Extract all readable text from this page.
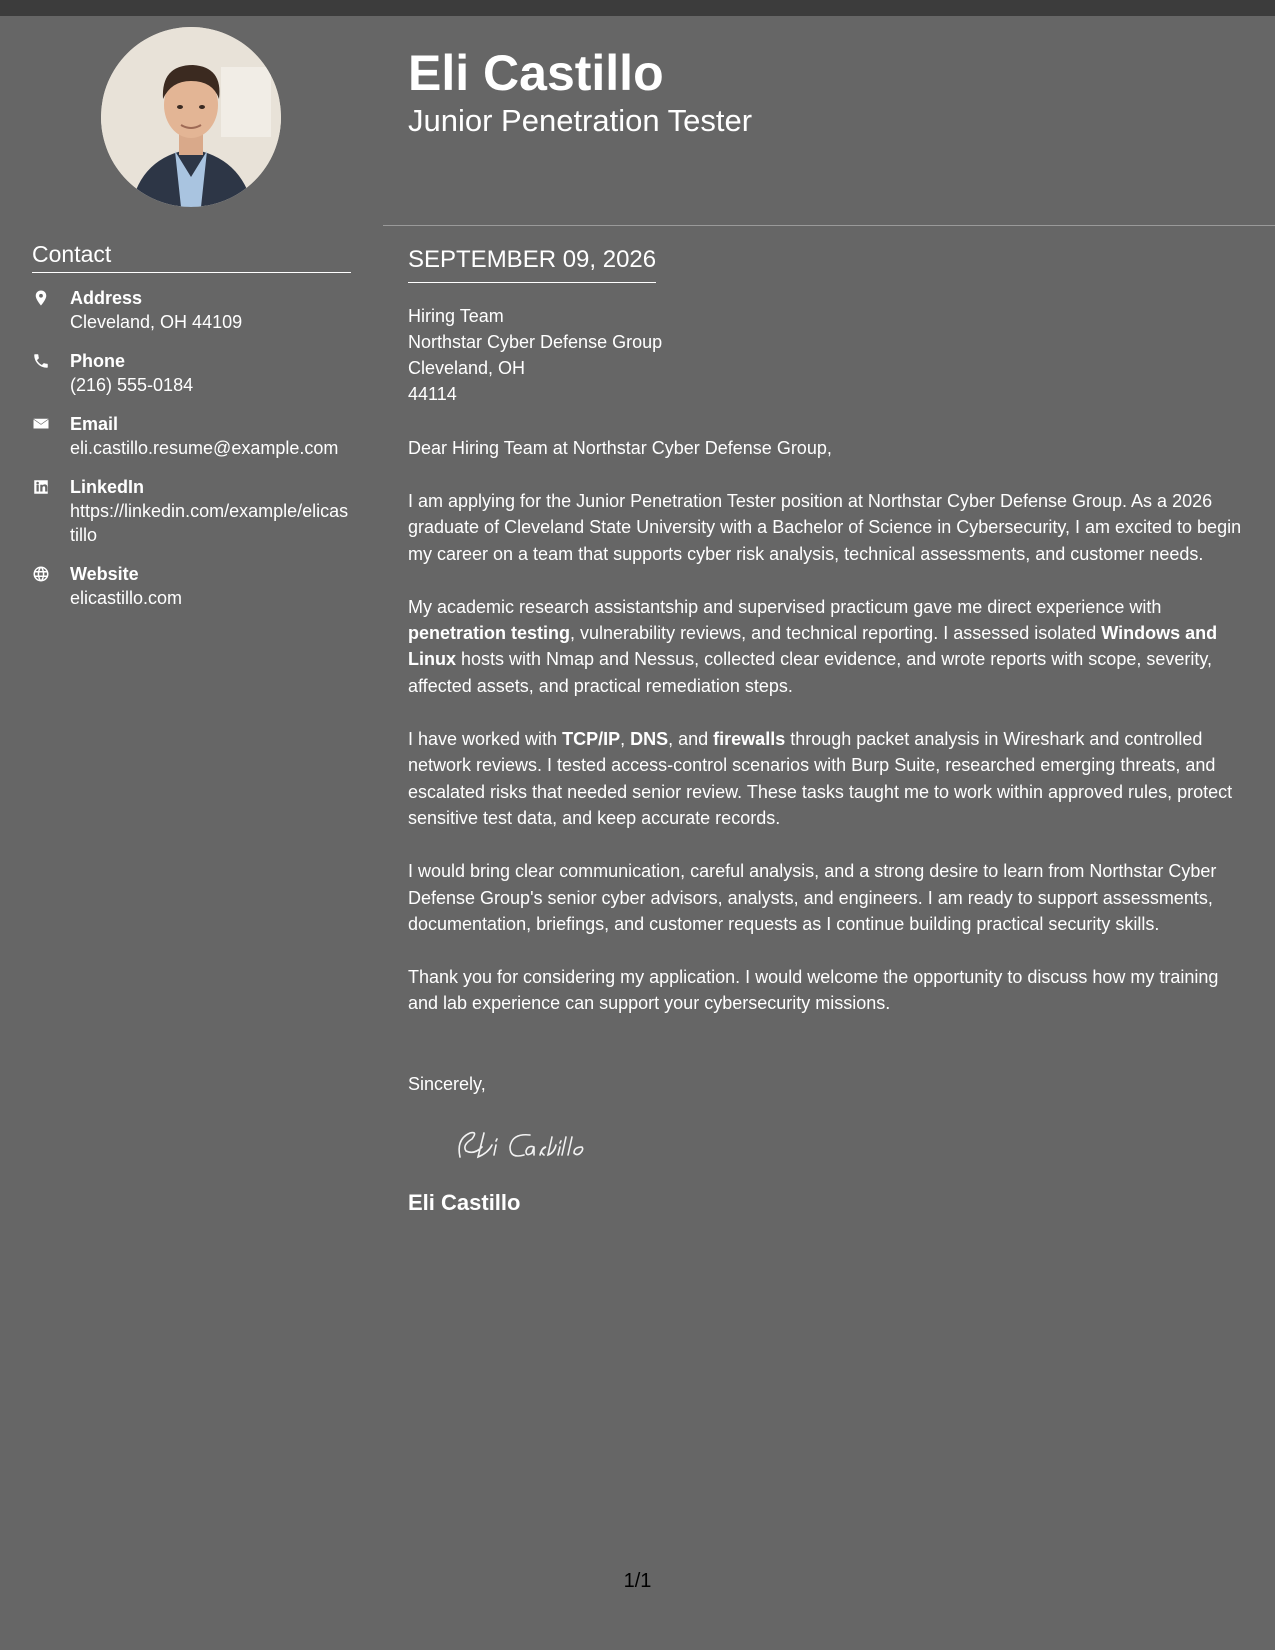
Contact
Address
Cleveland, OH 44109
Phone
(216) 555-0184
Email
eli.castillo.resume@example.com
LinkedIn
https://linkedin.com/example/elicastillo
Website
elicastillo.com
Eli Castillo
Junior Penetration Tester
SEPTEMBER 09, 2026
Hiring Team
Northstar Cyber Defense Group
Cleveland, OH
44114

Dear Hiring Team at Northstar Cyber Defense Group,

I am applying for the Junior Penetration Tester position at Northstar Cyber Defense Group. As a 2026 graduate of Cleveland State University with a Bachelor of Science in Cybersecurity, I am excited to begin my career on a team that supports cyber risk analysis, technical assessments, and customer needs.

My academic research assistantship and supervised practicum gave me direct experience with penetration testing, vulnerability reviews, and technical reporting. I assessed isolated Windows and Linux hosts with Nmap and Nessus, collected clear evidence, and wrote reports with scope, severity, affected assets, and practical remediation steps.

I have worked with TCP/IP, DNS, and firewalls through packet analysis in Wireshark and controlled network reviews. I tested access-control scenarios with Burp Suite, researched emerging threats, and escalated risks that needed senior review. These tasks taught me to work within approved rules, protect sensitive test data, and keep accurate records.

I would bring clear communication, careful analysis, and a strong desire to learn from Northstar Cyber Defense Group's senior cyber advisors, analysts, and engineers. I am ready to support assessments, documentation, briefings, and customer requests as I continue building practical security skills.

Thank you for considering my application. I would welcome the opportunity to discuss how my training and lab experience can support your cybersecurity missions.

Sincerely,

Eli Castillo
1/1
